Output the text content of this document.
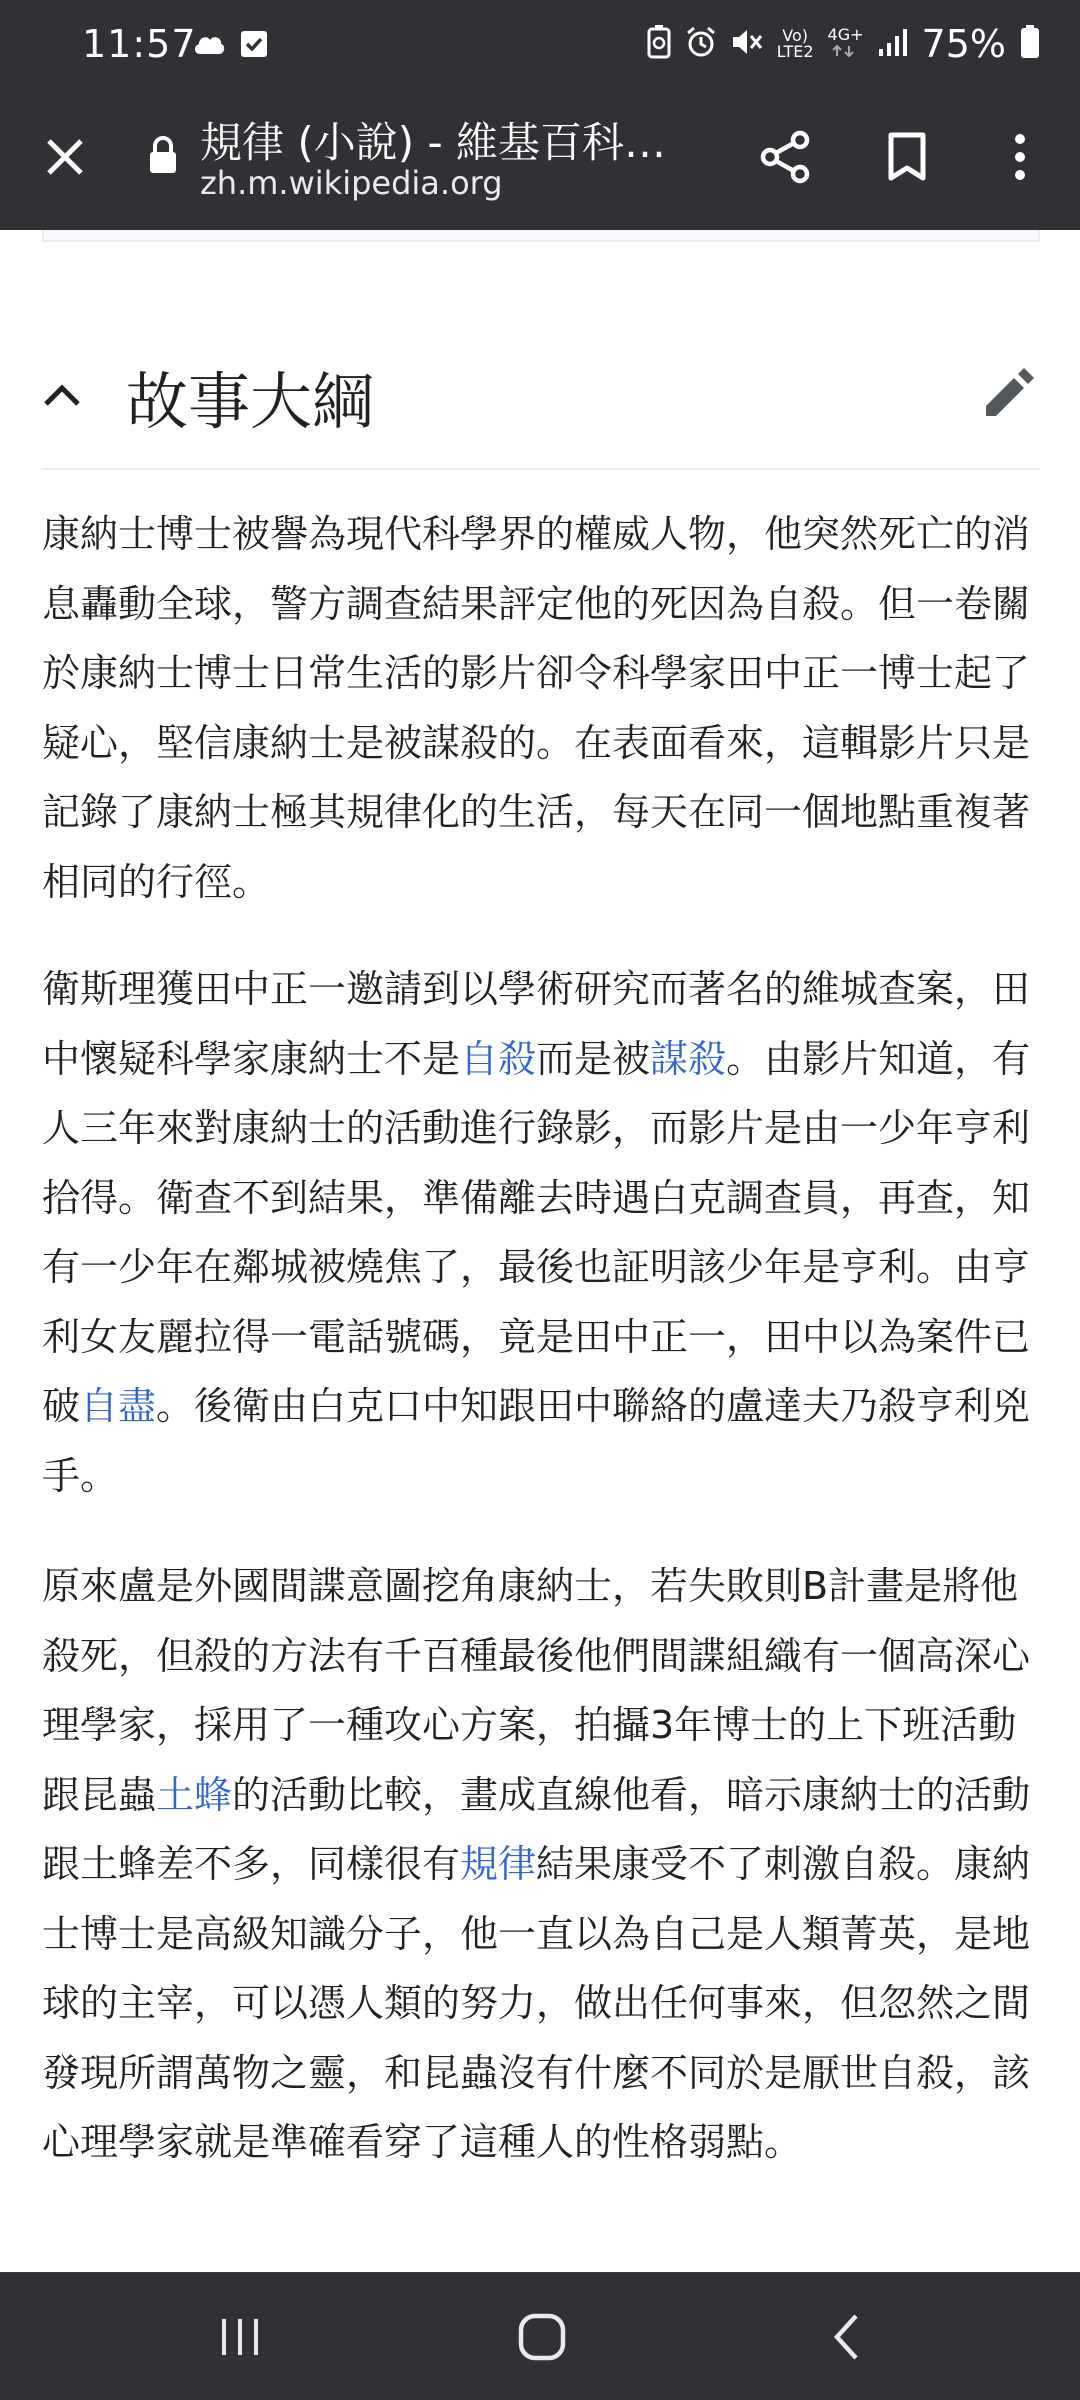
11:57	Vo)
LTE2
4G+ 75%
規律 (小說) - 維基百科…
zh.m.wikipedia.org
故事大綱

康納士博士被譽為現代科學界的權威人物，他突然死亡的消息轟動全球，警方調查結果評定他的死因為自殺。但一卷關於康納士博士日常生活的影片卻令科學家田中正一博士起了疑心，堅信康納士是被謀殺的。在表面看來，這輯影片只是記錄了康納士極其規律化的生活，每天在同一個地點重複著相同的行徑。

衛斯理獲田中正一邀請到以學術研究而著名的維城查案，田中懷疑科學家康納士不是自殺而是被謀殺。由影片知道，有人三年來對康納士的活動進行錄影，而影片是由一少年亨利拾得。衛查不到結果，準備離去時遇白克調查員，再查，知有一少年在鄰城被燒焦了，最後也証明該少年是亨利。由亨利女友麗拉得一電話號碼，竟是田中正一，田中以為案件已破自盡。後衛由白克口中知跟田中聯絡的盧達夫乃殺亨利兇手。

原來盧是外國間諜意圖挖角康納士，若失敗則B計畫是將他殺死，但殺的方法有千百種最後他們間諜組織有一個高深心理學家，採用了一種攻心方案，拍攝3年博士的上下班活動跟昆蟲土蜂的活動比較，畫成直線他看，暗示康納士的活動跟土蜂差不多，同樣很有規律結果康受不了刺激自殺。康納士博士是高級知識分子，他一直以為自己是人類菁英，是地球的主宰，可以憑人類的努力，做出任何事來，但忽然之間發現所謂萬物之靈，和昆蟲沒有什麼不同於是厭世自殺，該心理學家就是準確看穿了這種人的性格弱點。
